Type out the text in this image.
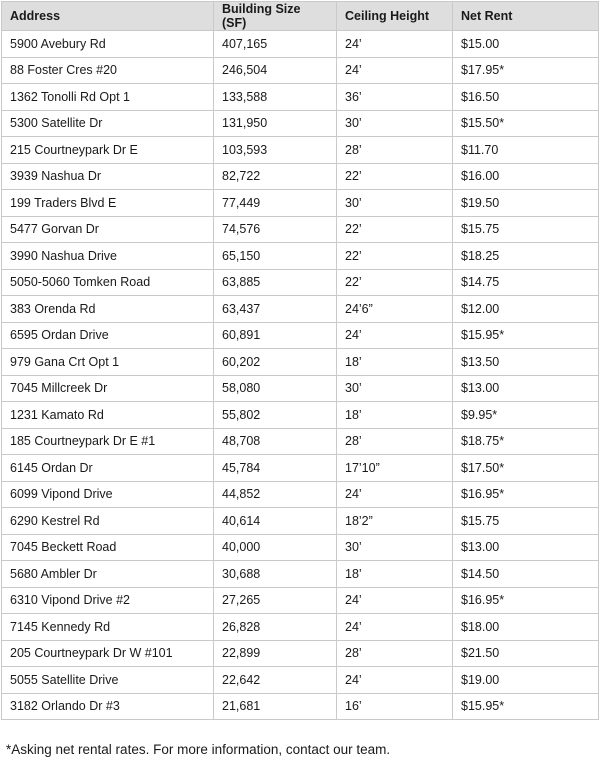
Address	Building Size (SF)	Ceiling Height	Net Rent
5900 Avebury Rd	407,165	24’	$15.00
88 Foster Cres #20	246,504	24’	$17.95*
1362 Tonolli Rd Opt 1	133,588	36’	$16.50
5300 Satellite Dr	131,950	30’	$15.50*
215 Courtneypark Dr E	103,593	28’	$11.70
3939 Nashua Dr	82,722	22’	$16.00
199 Traders Blvd E	77,449	30’	$19.50
5477 Gorvan Dr	74,576	22’	$15.75
3990 Nashua Drive	65,150	22’	$18.25
5050-5060 Tomken Road	63,885	22’	$14.75
383 Orenda Rd	63,437	24’6”	$12.00
6595 Ordan Drive	60,891	24’	$15.95*
979 Gana Crt Opt 1	60,202	18’	$13.50
7045 Millcreek Dr	58,080	30’	$13.00
1231 Kamato Rd	55,802	18’	$9.95*
185 Courtneypark Dr E #1	48,708	28’	$18.75*
6145 Ordan Dr	45,784	17’10”	$17.50*
6099 Vipond Drive	44,852	24’	$16.95*
6290 Kestrel Rd	40,614	18’2”	$15.75
7045 Beckett Road	40,000	30’	$13.00
5680 Ambler Dr	30,688	18’	$14.50
6310 Vipond Drive #2	27,265	24’	$16.95*
7145 Kennedy Rd	26,828	24’	$18.00
205 Courtneypark Dr W #101	22,899	28’	$21.50
5055 Satellite Drive	22,642	24’	$19.00
3182 Orlando Dr #3	21,681	16’	$15.95*
*Asking net rental rates. For more information, contact our team.
